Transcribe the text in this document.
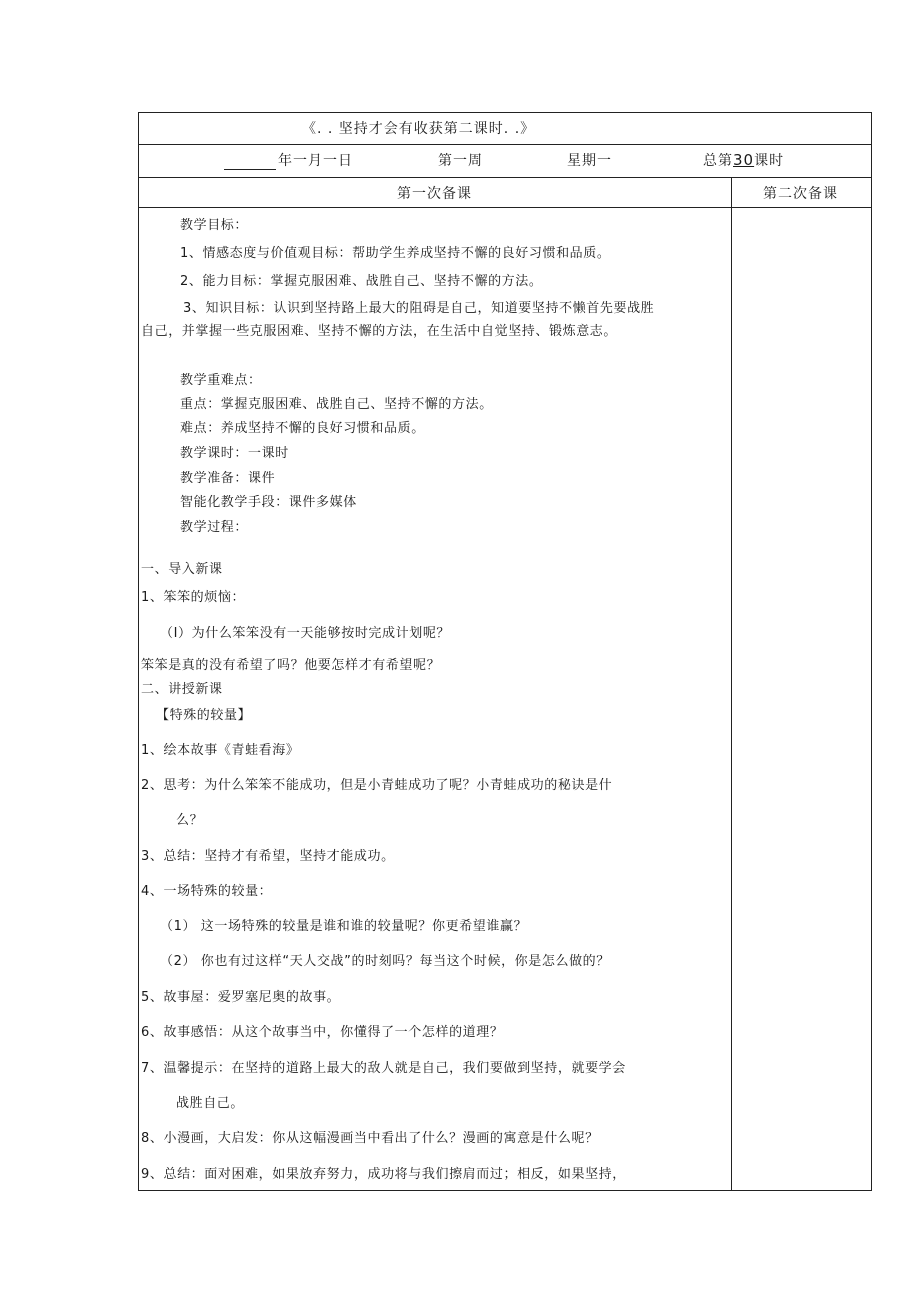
《. . 坚持才会有收获第二课时. .》
年一月一日	第一周	星期一	总第30课时
第一次备课	第二次备课
教学目标：
1、情感态度与价值观目标：帮助学生养成坚持不懈的良好习惯和品质。
2、能力目标：掌握克服困难、战胜自己、坚持不懈的方法。
3、知识目标：认识到坚持路上最大的阻碍是自己，知道要坚持不懒首先要战胜
自己，并掌握一些克服困难、坚持不懈的方法，在生活中自觉坚持、锻炼意志。
教学重难点：
重点：掌握克服困难、战胜自己、坚持不懈的方法。
难点：养成坚持不懈的良好习惯和品质。
教学课时：一课时
教学准备：课件
智能化教学手段：课件多媒体
教学过程：
一、导入新课
1、笨笨的烦恼：
（I）为什么笨笨没有一天能够按时完成计划呢？
笨笨是真的没有希望了吗？他要怎样才有希望呢？
二、讲授新课
【特殊的较量】
1、绘本故事《青蛙看海》
2、思考：为什么笨笨不能成功，但是小青蛙成功了呢？小青蛙成功的秘诀是什
么？
3、总结：坚持才有希望，坚持才能成功。
4、一场特殊的较量：
（1） 这一场特殊的较量是谁和谁的较量呢？你更希望谁赢？
（2） 你也有过这样“天人交战”的时刻吗？每当这个时候，你是怎么做的？
5、故事屋：爱罗塞尼奥的故事。
6、故事感悟：从这个故事当中，你懂得了一个怎样的道理？
7、温馨提示：在坚持的道路上最大的敌人就是自己，我们要做到坚持，就要学会
战胜自己。
8、小漫画，大启发：你从这幅漫画当中看出了什么？漫画的寓意是什么呢？
9、总结：面对困难，如果放弃努力，成功将与我们擦肩而过；相反，如果坚持，
